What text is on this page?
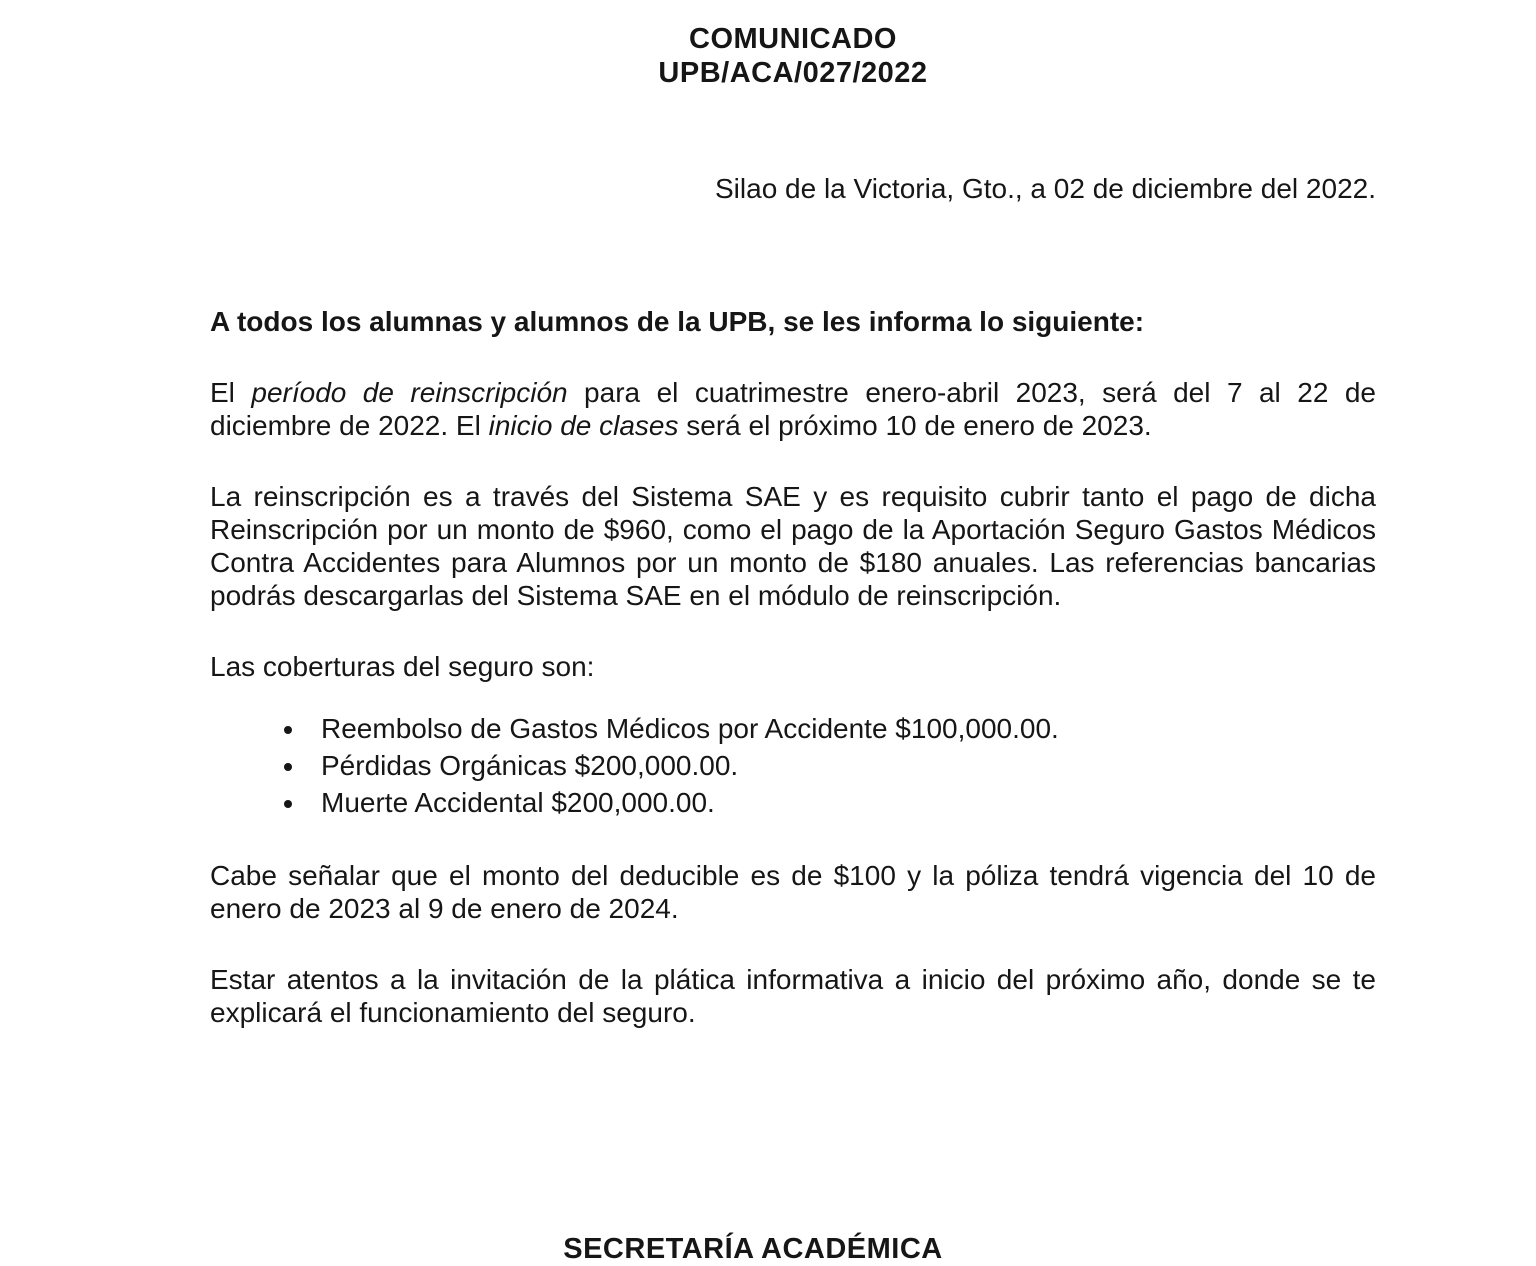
COMUNICADO
UPB/ACA/027/2022
Silao de la Victoria, Gto., a 02 de diciembre del 2022.
A todos los alumnas y alumnos de la UPB, se les informa lo siguiente:

El período de reinscripción para el cuatrimestre enero-abril 2023, será del 7 al 22 de diciembre de 2022. El inicio de clases será el próximo 10 de enero de 2023.

La reinscripción es a través del Sistema SAE y es requisito cubrir tanto el pago de dicha Reinscripción por un monto de $960, como el pago de la Aportación Seguro Gastos Médicos Contra Accidentes para Alumnos por un monto de $180 anuales. Las referencias bancarias podrás descargarlas del Sistema SAE en el módulo de reinscripción.

Las coberturas del seguro son:

• Reembolso de Gastos Médicos por Accidente $100,000.00.
• Pérdidas Orgánicas $200,000.00.
• Muerte Accidental $200,000.00.

Cabe señalar que el monto del deducible es de $100 y la póliza tendrá vigencia del 10 de enero de 2023 al 9 de enero de 2024.

Estar atentos a la invitación de la plática informativa a inicio del próximo año, donde se te explicará el funcionamiento del seguro.

SECRETARÍA ACADÉMICA
